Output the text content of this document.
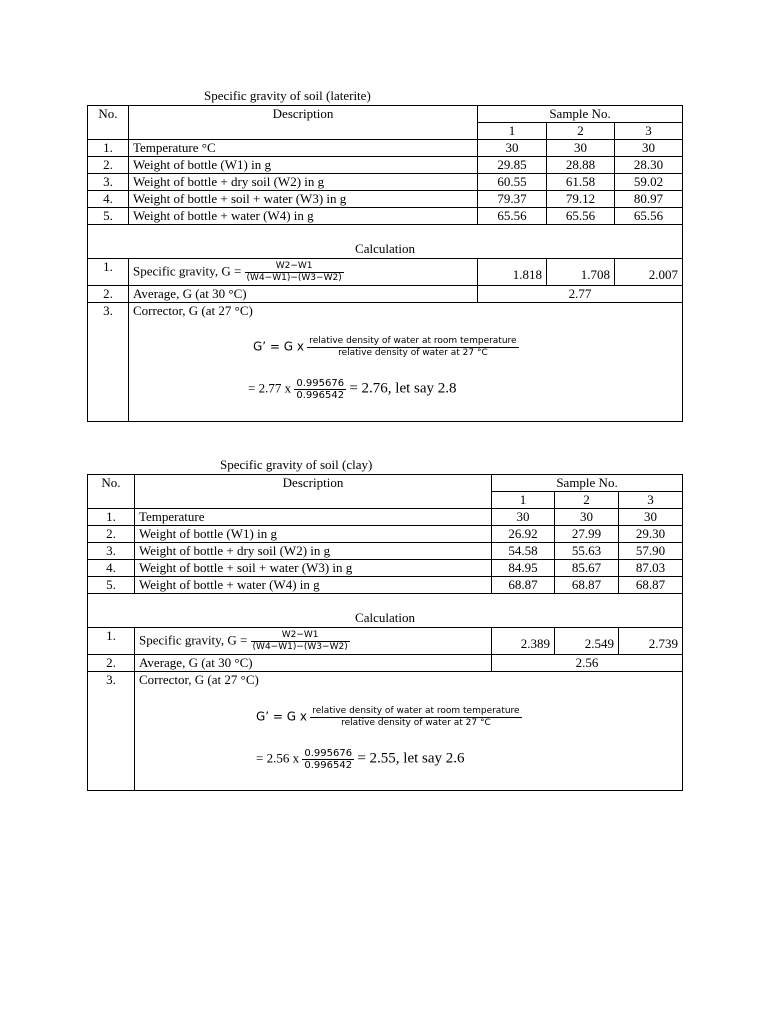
Specific gravity of soil (laterite)
No.	Description	Sample No.		
		1	2	3
1.	Temperature °C	30	30	30
2.	Weight of bottle (W1) in g	29.85	28.88	28.30
3.	Weight of bottle + dry soil (W2) in g	60.55	61.58	59.02
4.	Weight of bottle + soil + water (W3) in g	79.37	79.12	80.97
5.	Weight of bottle + water (W4) in g	65.56	65.56	65.56
Calculation				
1.	Specific gravity, $G = \frac{W2-W1}{(W4-W1)-(W3-W2)}$	1.818	1.708	2.007
2.	Average, G (at 30 °C)	2.77		
3.	Corrector, G (at 27 °C)			
G’ = G x $\frac{\text{relative density of water at room temperature}}{\text{relative density of water at 27 °C}}$
= 2.77 x $\frac{0.995676}{0.996542} = 2.76$, let say 2.8
Specific gravity of soil (clay)
No.	Description	Sample No.		
		1	2	3
1.	Temperature	30	30	30
2.	Weight of bottle (W1) in g	26.92	27.99	29.30
3.	Weight of bottle + dry soil (W2) in g	54.58	55.63	57.90
4.	Weight of bottle + soil + water (W3) in g	84.95	85.67	87.03
5.	Weight of bottle + water (W4) in g	68.87	68.87	68.87
Calculation				
1.	Specific gravity, $G = \frac{W2-W1}{(W4-W1)-(W3-W2)}$	2.389	2.549	2.739
2.	Average, G (at 30 °C)	2.56		
3.	Corrector, G (at 27 °C)			
G’ = G x $\frac{\text{relative density of water at room temperature}}{\text{relative density of water at 27 °C}}$
= 2.56 x $\frac{0.995676}{0.996542} = 2.55$, let say 2.6
